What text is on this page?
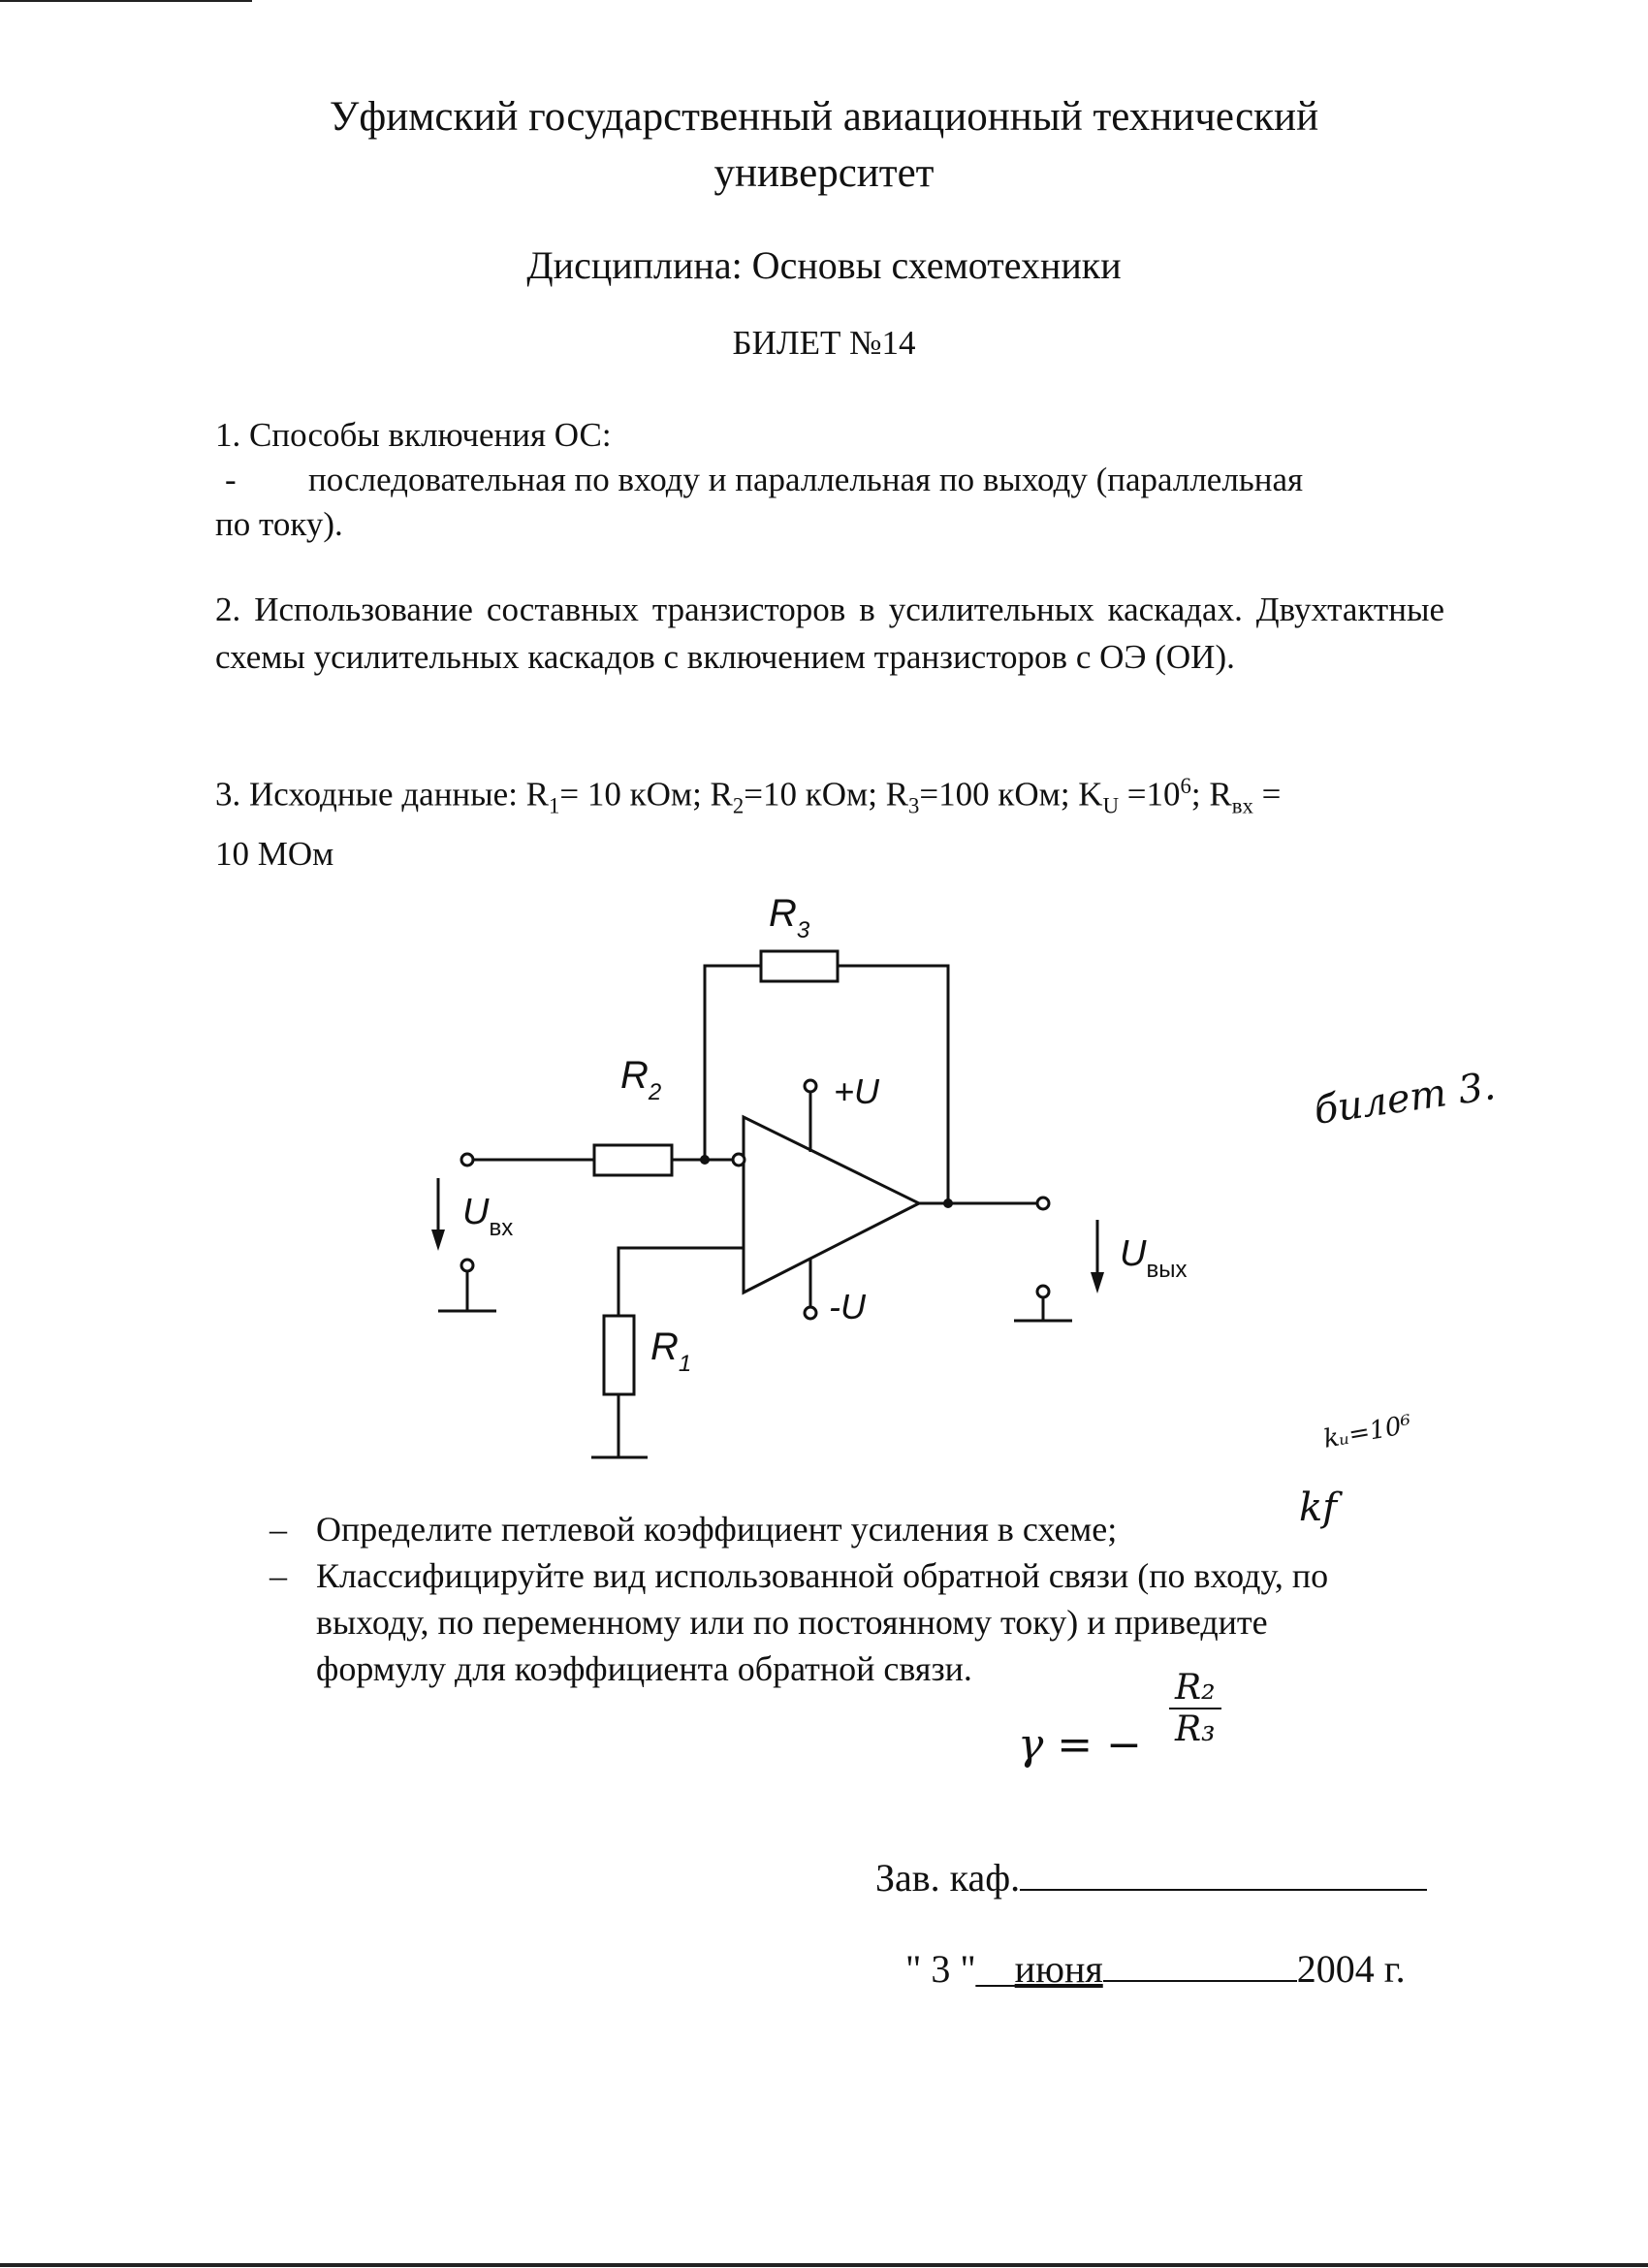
Уфимский государственный авиационный технический
университет
Дисциплина: Основы схемотехники
БИЛЕТ №14
1. Способы включения ОС:
- последовательная по входу и параллельная по выходу (параллельная
по току).
2. Использование составных транзисторов в усилительных каскадах. Двухтактные схемы усилительных каскадов с включением транзисторов с ОЭ (ОИ).
3. Исходные данные: $R_1= 10$ кОм; $R_2=10$ кОм; $R_3=100$ кОм; $K_U =10^6$; $R_{вх}$ =
10 МОм
$R_3$
$R_2$
$R_1$
+U
-U
$U_{вх}$
$U_{вых}$
билет 3.
kᵤ=10⁶
kf
– Определите петлевой коэффициент усиления в схеме;
– Классифицируйте вид использованной обратной связи (по входу, по
выходу, по переменному или по постоянному току) и приведите
формулу для коэффициента обратной связи.
γ = − $\frac{\text{R₂}}{\text{R₃}}$
Зав. каф.
" 3 "__июня	2004 г.
